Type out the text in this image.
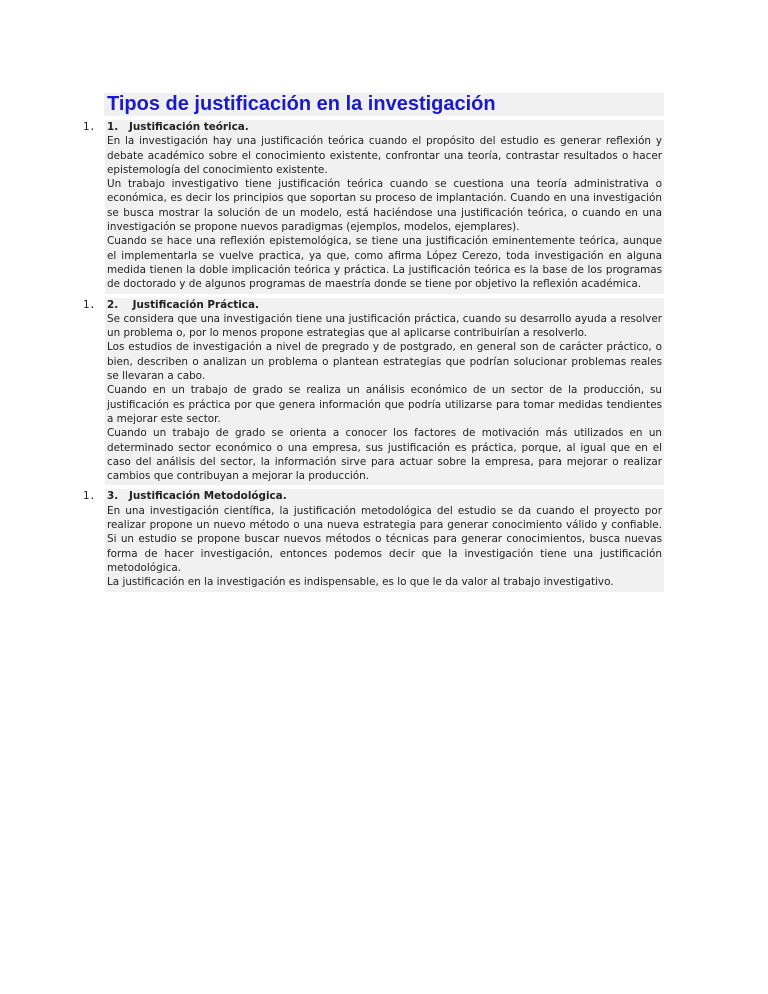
Tipos de justificación en la investigación
1.	1.   Justificación teórica.

En la investigación hay una justificación teórica cuando el propósito del estudio es generar reflexión y debate académico sobre el conocimiento existente, confrontar una teoría, contrastar resultados o hacer epistemología del conocimiento existente.

Un trabajo investigativo tiene justificación teórica cuando se cuestiona una teoría administrativa o económica, es decir los principios que soportan su proceso de implantación. Cuando en una investigación se busca mostrar la solución de un modelo, está haciéndose una justificación teórica, o cuando en una investigación se propone nuevos paradigmas (ejemplos, modelos, ejemplares).

Cuando se hace una reflexión epistemológica, se tiene una justificación eminentemente teórica, aunque el implementarla se vuelve practica, ya que, como afirma López Cerezo, toda investigación en alguna medida tienen la doble implicación teórica y práctica. La justificación teórica es la base de los programas de doctorado y de algunos programas de maestría donde se tiene por objetivo la reflexión académica.

1.	2.    Justificación Práctica.

Se considera que una investigación tiene una justificación práctica, cuando su desarrollo ayuda a resolver un problema o, por lo menos propone estrategias que al aplicarse contribuirían a resolverlo.

Los estudios de investigación a nivel de pregrado y de postgrado, en general son de carácter práctico, o bien, describen o analizan un problema o plantean estrategias que podrían solucionar problemas reales se llevaran a cabo.

Cuando en un trabajo de grado se realiza un análisis económico de un sector de la producción, su justificación es práctica por que genera información que podría utilizarse para tomar medidas tendientes a mejorar este sector.

Cuando un trabajo de grado se orienta a conocer los factores de motivación más utilizados en un determinado sector económico o una empresa, sus justificación es práctica, porque, al igual que en el caso del análisis del sector, la información sirve para actuar sobre la empresa, para mejorar o realizar cambios que contribuyan a mejorar la producción.

1.	3.   Justificación Metodológica.

En una investigación científica, la justificación metodológica del estudio se da cuando el proyecto por realizar propone un nuevo método o una nueva estrategia para generar conocimiento válido y confiable. Si un estudio se propone buscar nuevos métodos o técnicas para generar conocimientos, busca nuevas forma de hacer investigación, entonces podemos decir que la investigación tiene una justificación metodológica.

La justificación en la investigación es indispensable, es lo que le da valor al trabajo investigativo.
